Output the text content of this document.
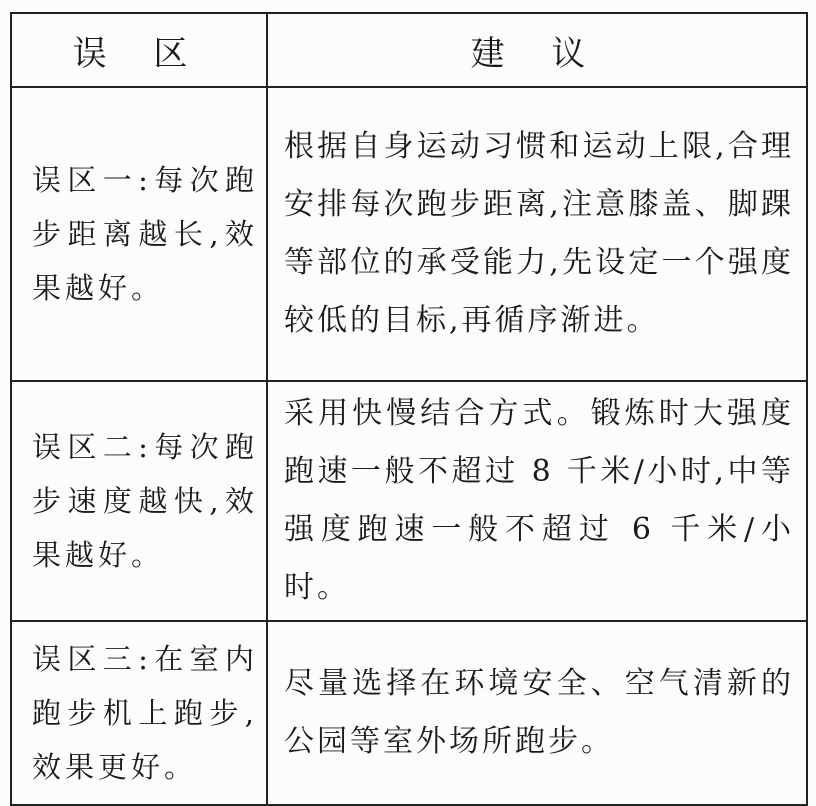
误 区	建 议

误区一:每次跑步距离越长,效果越好。	根据自身运动习惯和运动上限,合理安排每次跑步距离,注意膝盖、脚踝等部位的承受能力,先设定一个强度较低的目标,再循序渐进。

误区二:每次跑步速度越快,效果越好。	采用快慢结合方式。锻炼时大强度跑速一般不超过 8 千米/小时,中等强度跑速一般不超过 6 千米/小时。

误区三:在室内跑步机上跑步,效果更好。	尽量选择在环境安全、空气清新的公园等室外场所跑步。
